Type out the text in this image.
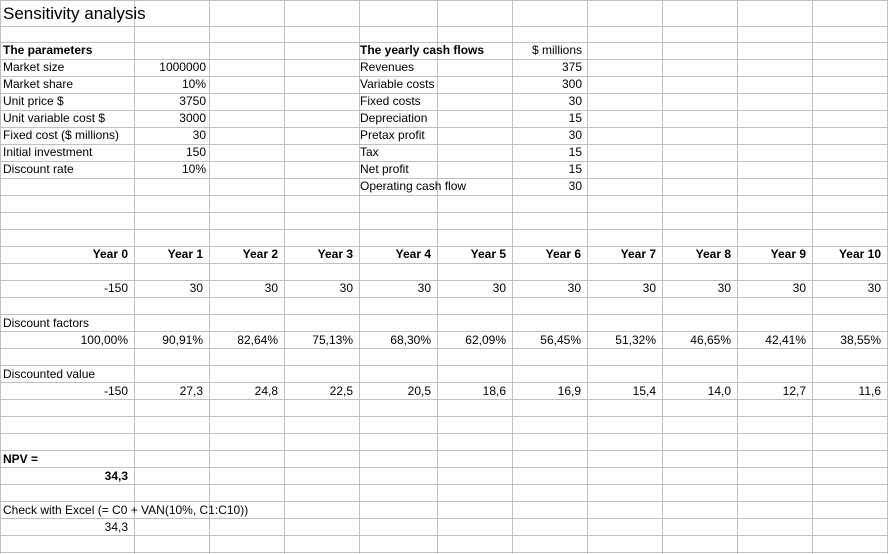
Sensitivity analysis
The parameters
Market size	1000000
Market share	10%
Unit price $	3750
Unit variable cost $	3000
Fixed cost ($ millions)	30
Initial investment	150
Discount rate	10%
The yearly cash flows	$ millions
Revenues	375
Variable costs	300
Fixed costs	30
Depreciation	15
Pretax profit	30
Tax	15
Net profit	15
Operating cash flow	30
Year 0	Year 1	Year 2	Year 3	Year 4	Year 5	Year 6	Year 7	Year 8	Year 9	Year 10
-150	30	30	30	30	30	30	30	30	30	30
Discount factors
100,00%	90,91%	82,64%	75,13%	68,30%	62,09%	56,45%	51,32%	46,65%	42,41%	38,55%
Discounted value
-150	27,3	24,8	22,5	20,5	18,6	16,9	15,4	14,0	12,7	11,6
NPV =
34,3
Check with Excel (= C0 + VAN(10%, C1:C10))
34,3
